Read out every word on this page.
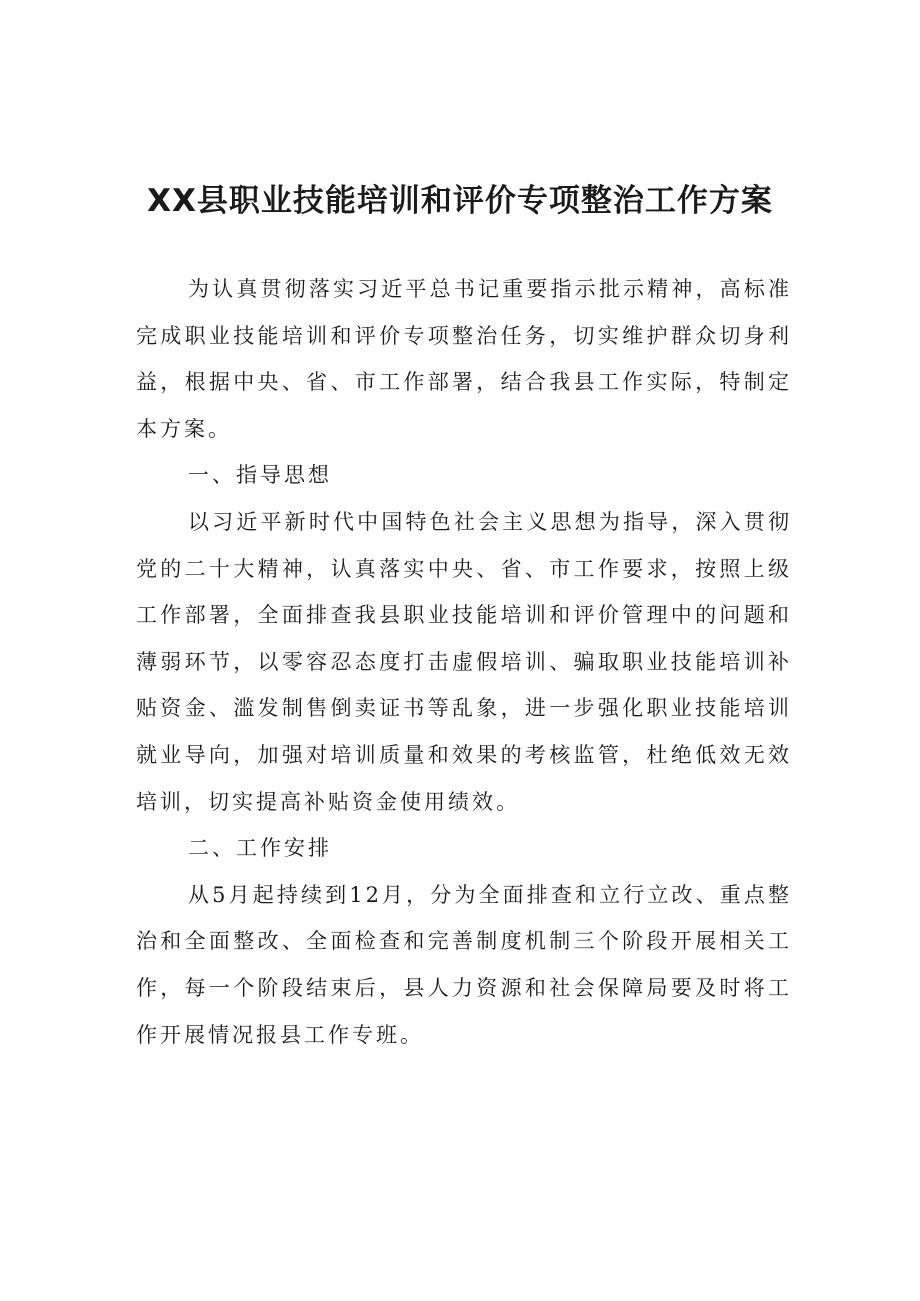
XX县职业技能培训和评价专项整治工作方案

为认真贯彻落实习近平总书记重要指示批示精神，高标准完成职业技能培训和评价专项整治任务，切实维护群众切身利益，根据中央、省、市工作部署，结合我县工作实际，特制定本方案。

一、指导思想

以习近平新时代中国特色社会主义思想为指导，深入贯彻党的二十大精神，认真落实中央、省、市工作要求，按照上级工作部署，全面排查我县职业技能培训和评价管理中的问题和薄弱环节，以零容忍态度打击虚假培训、骗取职业技能培训补贴资金、滥发制售倒卖证书等乱象，进一步强化职业技能培训就业导向，加强对培训质量和效果的考核监管，杜绝低效无效培训，切实提高补贴资金使用绩效。

二、工作安排

从5月起持续到12月，分为全面排查和立行立改、重点整治和全面整改、全面检查和完善制度机制三个阶段开展相关工作，每一个阶段结束后，县人力资源和社会保障局要及时将工作开展情况报县工作专班。
